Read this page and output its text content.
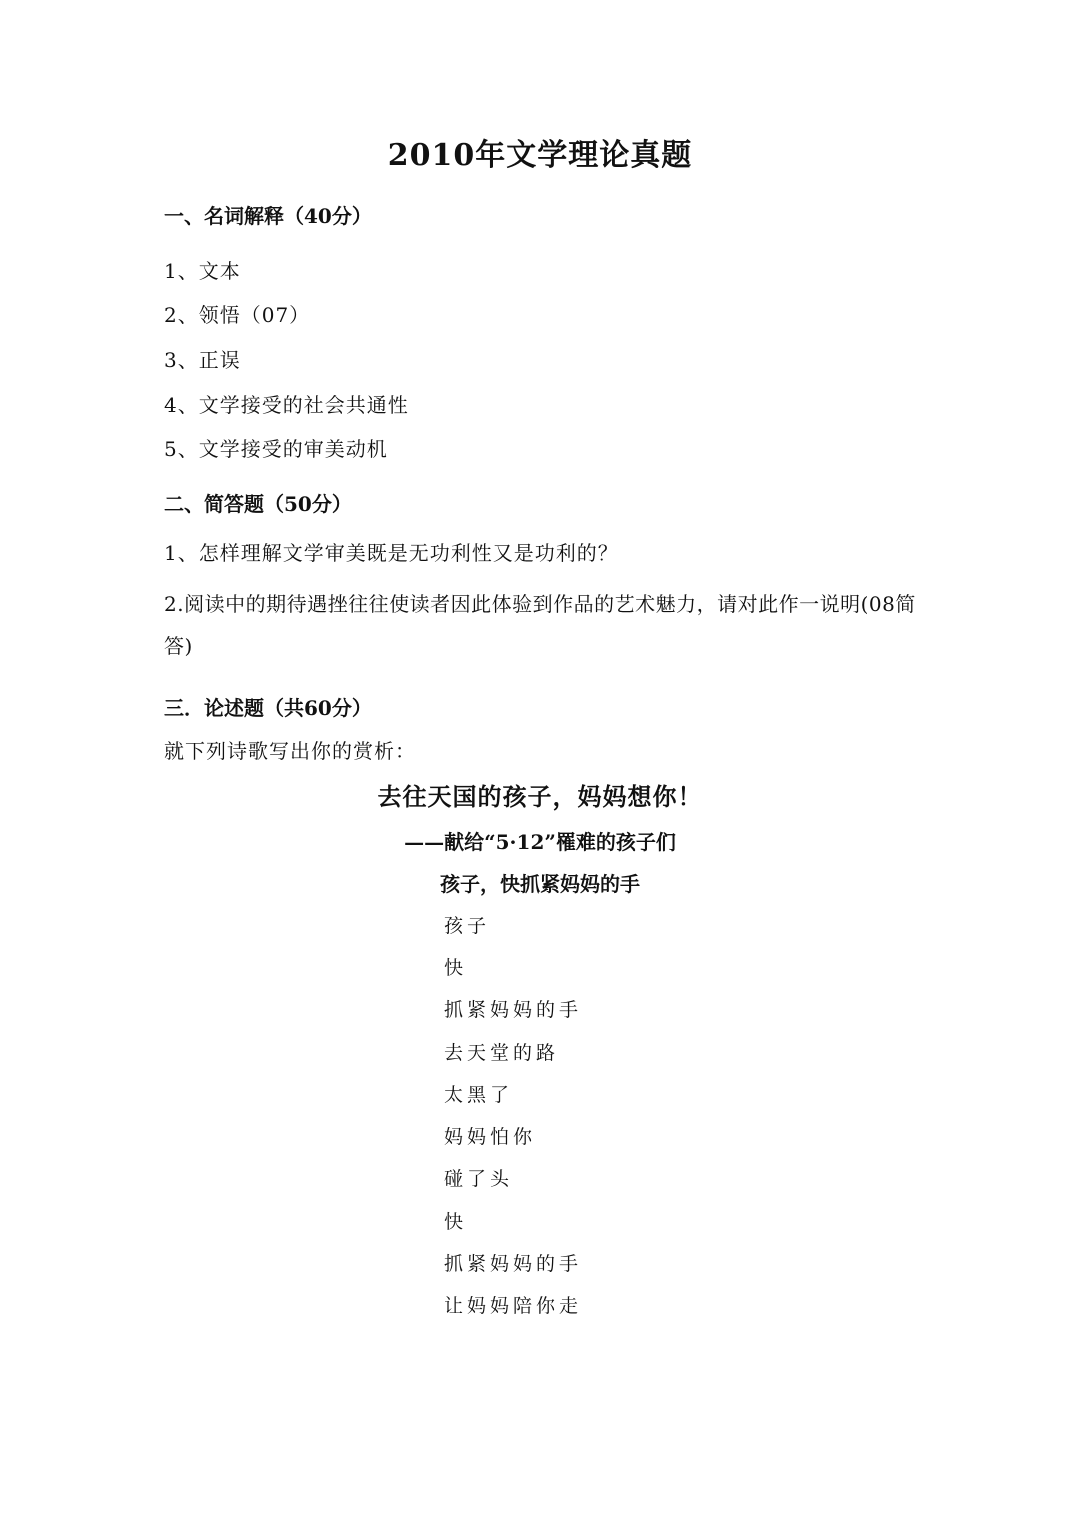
2010年文学理论真题
一、名词解释（40分）
1、文本
2、领悟（07）
3、正误
4、文学接受的社会共通性
5、文学接受的审美动机
二、简答题（50分）
1、怎样理解文学审美既是无功利性又是功利的？
2.阅读中的期待遇挫往往使读者因此体验到作品的艺术魅力，请对此作一说明(08简答)
三．论述题（共60分）
就下列诗歌写出你的赏析：
去往天国的孩子，妈妈想你！
——献给“5·12”罹难的孩子们
孩子，快抓紧妈妈的手
孩子
快
抓紧妈妈的手
去天堂的路
太黑了
妈妈怕你
碰了头
快
抓紧妈妈的手
让妈妈陪你走
